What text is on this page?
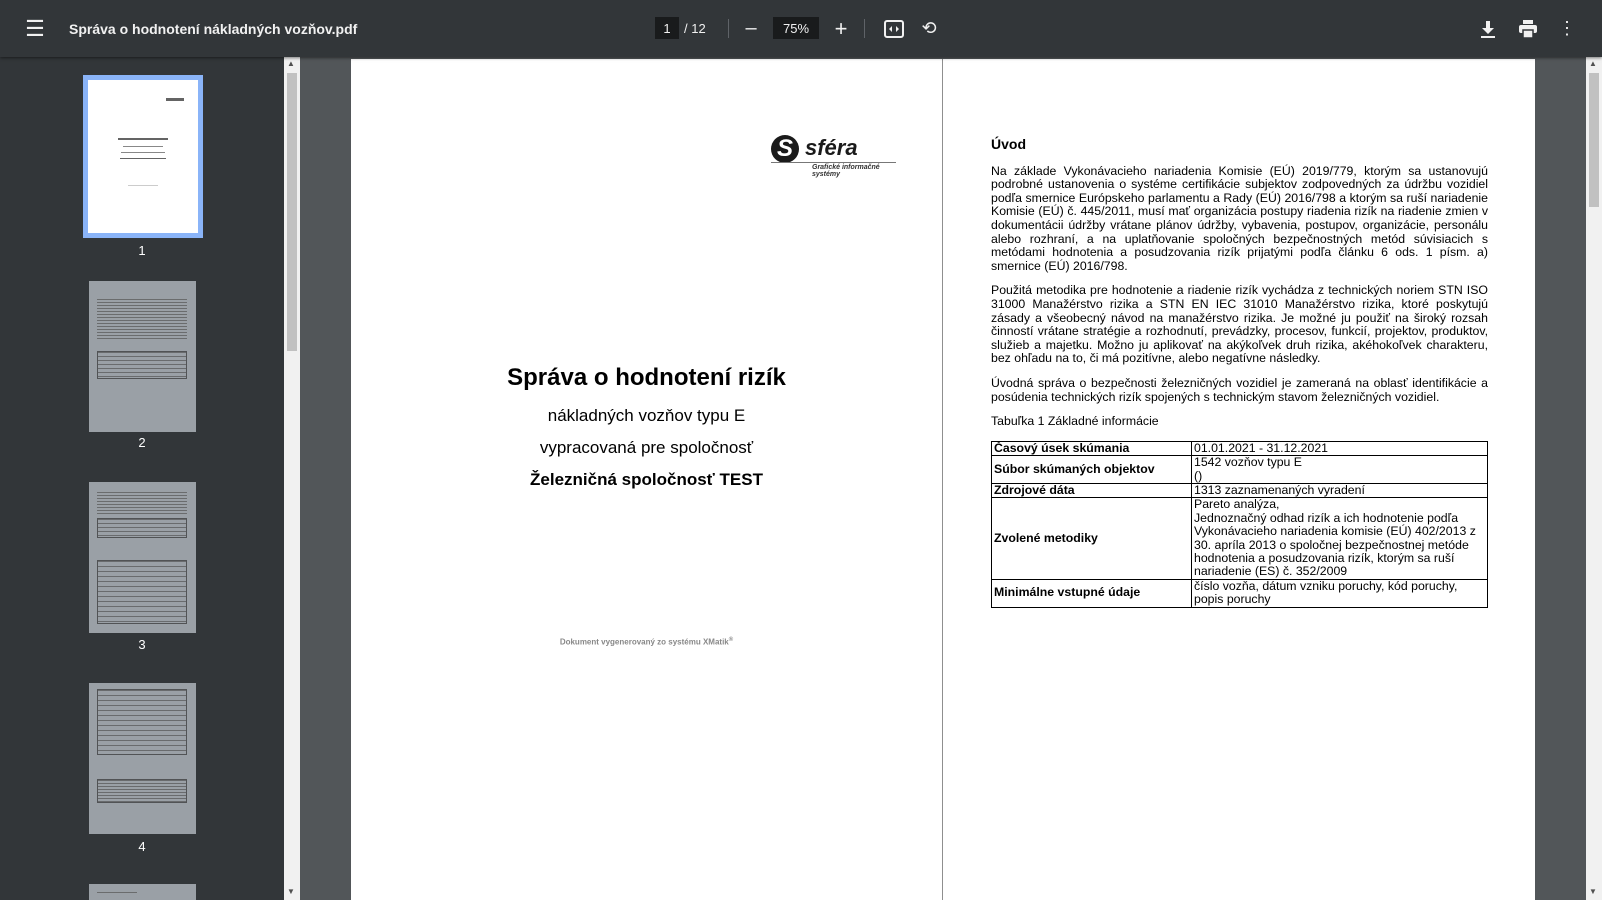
☰	Správa o hodnotení nákladných vozňov.pdf	1	/ 12 –	75%	+	⟲	⋮
1
2
3
4
▲
▼
S sféra
Grafické informačné systémy
Správa o hodnotení rizík
nákladných vozňov typu E
vypracovaná pre spoločnosť
Železničná spoločnosť TEST
Dokument vygenerovaný zo systému XMatik®
Úvod

Na základe Vykonávacieho nariadenia Komisie (EÚ) 2019/779, ktorým sa ustanovujú podrobné ustanovenia o systéme certifikácie subjektov zodpovedných za údržbu vozidiel podľa smernice Európskeho parlamentu a Rady (EÚ) 2016/798 a ktorým sa ruší nariadenie Komisie (EÚ) č. 445/2011, musí mať organizácia postupy riadenia rizík na riadenie zmien v dokumentácii údržby vrátane plánov údržby, vybavenia, postupov, organizácie, personálu alebo rozhraní, a na uplatňovanie spoločných bezpečnostných metód súvisiacich s metódami hodnotenia a posudzovania rizík prijatými podľa článku 6 ods. 1 písm. a) smernice (EÚ) 2016/798.

Použitá metodika pre hodnotenie a riadenie rizík vychádza z technických noriem STN ISO 31000 Manažérstvo rizika a STN EN IEC 31010 Manažérstvo rizika, ktoré poskytujú zásady a všeobecný návod na manažérstvo rizika. Je možné ju použiť na široký rozsah činností vrátane stratégie a rozhodnutí, prevádzky, procesov, funkcií, projektov, produktov, služieb a majetku. Možno ju aplikovať na akýkoľvek druh rizika, akéhokoľvek charakteru, bez ohľadu na to, či má pozitívne, alebo negatívne následky.

Úvodná správa o bezpečnosti železničných vozidiel je zameraná na oblasť identifikácie a posúdenia technických rizík spojených s technickým stavom železničných vozidiel.

Tabuľka 1 Základné informácie
Časový úsek skúmania	01.01.2021 - 31.12.2021
Súbor skúmaných objektov	1542 vozňov typu E
()
Zdrojové dáta	1313 zaznamenaných vyradení
Zvolené metodiky	Pareto analýza,
Jednoznačný odhad rizík a ich hodnotenie podľa Vykonávacieho nariadenia komisie (EÚ) 402/2013 z 30. apríla 2013 o spoločnej bezpečnostnej metóde hodnotenia a posudzovania rizík, ktorým sa ruší nariadenie (ES) č. 352/2009
Minimálne vstupné údaje	číslo vozňa, dátum vzniku poruchy, kód poruchy, popis poruchy
▲
▼
